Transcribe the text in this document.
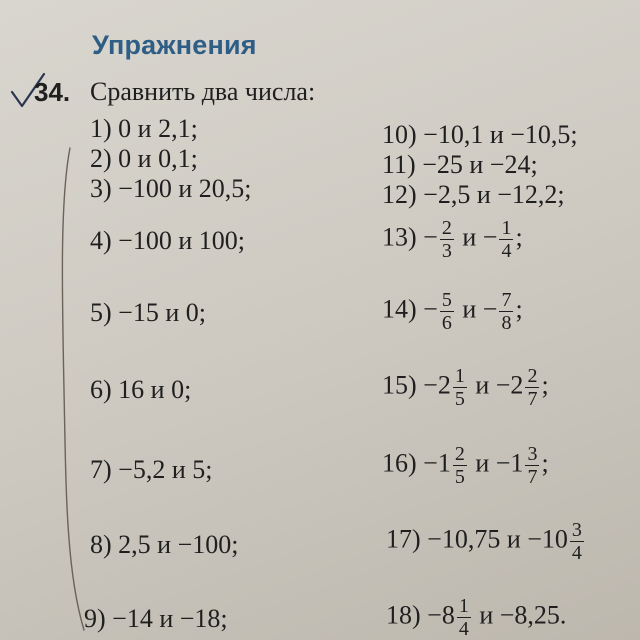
Упражнения
34. Сравнить два числа:
1) 0 и 2,1;
2) 0 и 0,1;
3) −100 и 20,5;
4) −100 и 100;
5) −15 и 0;
6) 16 и 0;
7) −5,2 и 5;
8) 2,5 и −100;
9) −14 и −18;
10) −10,1 и −10,5;
11) −25 и −24;
12) −2,5 и −12,2;
$13) - \frac{2}{3}$ $и - \frac{1}{4}$ ;
$14) - \frac{5}{6}$ $и - \frac{7}{8}$ ;
$15) -2 \frac{1}{5}$ $и -2 \frac{2}{7}$ ;
$16) -1 \frac{2}{5}$ $и -1 \frac{3}{7}$ ;
17) −10,75 $и -10 \frac{3}{4}$
$18) -8 \frac{1}{4}$ и −8,25.
